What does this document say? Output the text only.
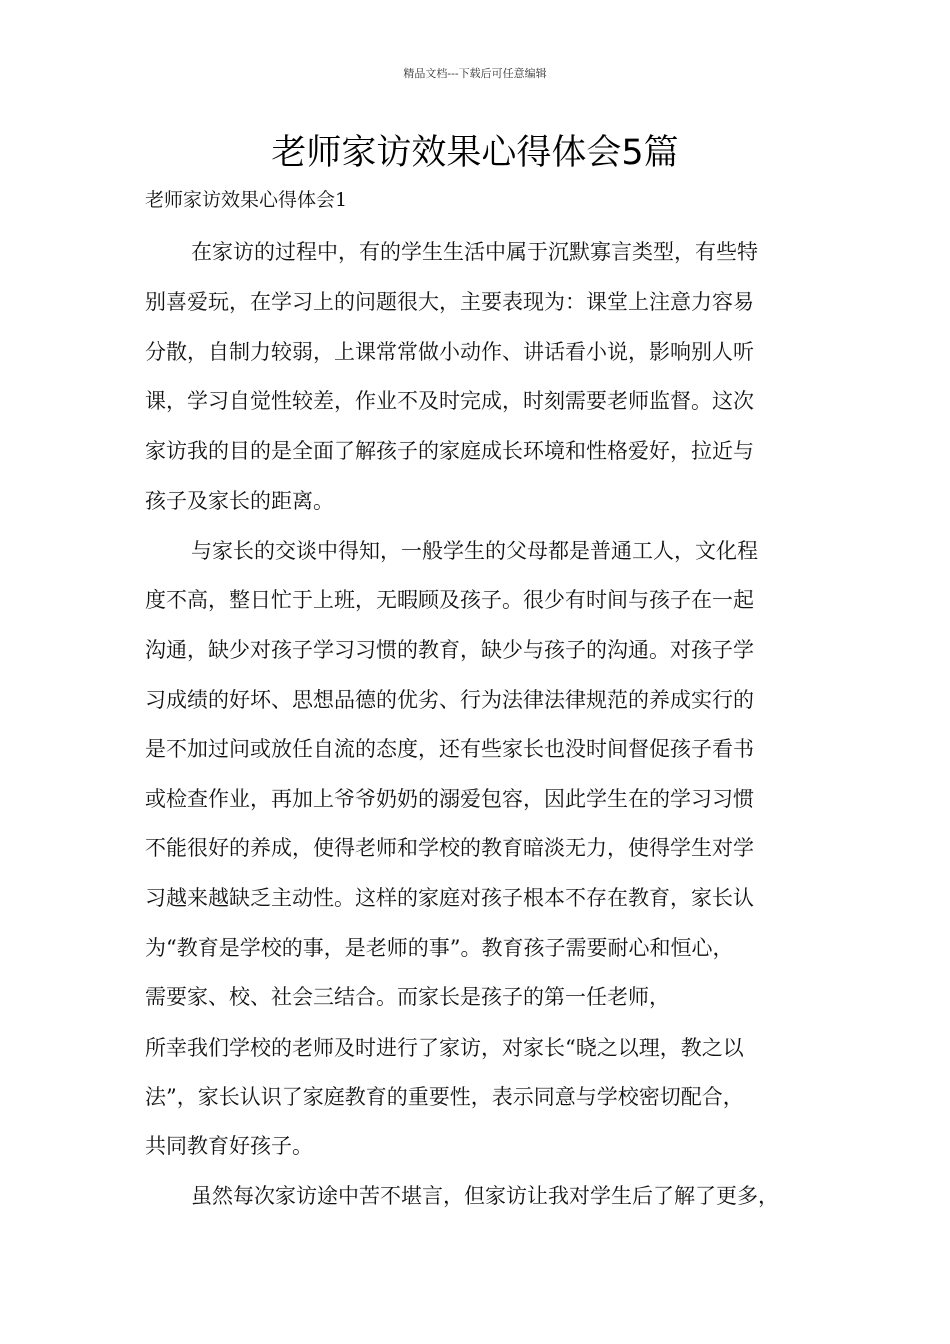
精品文档---下载后可任意编辑
老师家访效果心得体会5篇
老师家访效果心得体会1
在家访的过程中，有的学生生活中属于沉默寡言类型，有些特
别喜爱玩，在学习上的问题很大，主要表现为：课堂上注意力容易
分散，自制力较弱，上课常常做小动作、讲话看小说，影响别人听
课，学习自觉性较差，作业不及时完成，时刻需要老师监督。这次
家访我的目的是全面了解孩子的家庭成长环境和性格爱好，拉近与
孩子及家长的距离。
与家长的交谈中得知，一般学生的父母都是普通工人，文化程
度不高，整日忙于上班，无暇顾及孩子。很少有时间与孩子在一起
沟通，缺少对孩子学习习惯的教育，缺少与孩子的沟通。对孩子学
习成绩的好坏、思想品德的优劣、行为法律法律规范的养成实行的
是不加过问或放任自流的态度，还有些家长也没时间督促孩子看书
或检查作业，再加上爷爷奶奶的溺爱包容，因此学生在的学习习惯
不能很好的养成，使得老师和学校的教育暗淡无力，使得学生对学
习越来越缺乏主动性。这样的家庭对孩子根本不存在教育，家长认
为“教育是学校的事，是老师的事”。教育孩子需要耐心和恒心，
需要家、校、社会三结合。而家长是孩子的第一任老师，
所幸我们学校的老师及时进行了家访，对家长“晓之以理，教之以
法”，家长认识了家庭教育的重要性，表示同意与学校密切配合，
共同教育好孩子。
虽然每次家访途中苦不堪言，但家访让我对学生后了解了更多，
